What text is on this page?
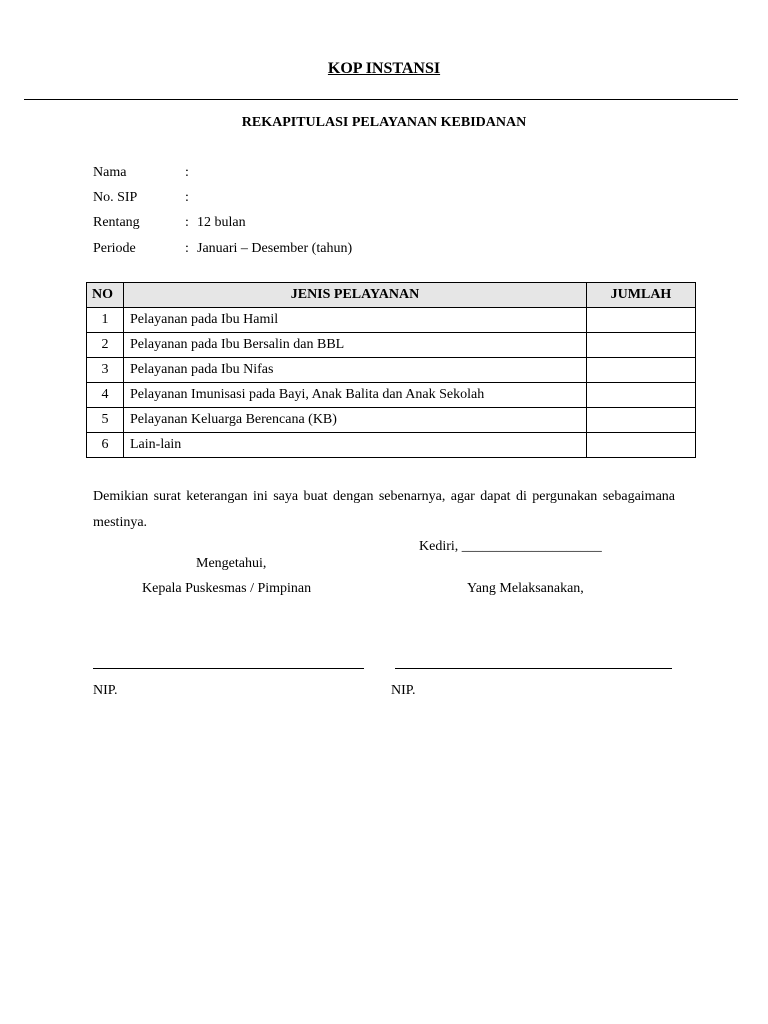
KOP INSTANSI
REKAPITULASI PELAYANAN KEBIDANAN
Nama	:
No. SIP	:
Rentang	: 12 bulan
Periode	: Januari – Desember (tahun)
NO	JENIS PELAYANAN	JUMLAH
1	Pelayanan pada Ibu Hamil	
2	Pelayanan pada Ibu Bersalin dan BBL	
3	Pelayanan pada Ibu Nifas	
4	Pelayanan Imunisasi pada Bayi, Anak Balita dan Anak Sekolah	
5	Pelayanan Keluarga Berencana (KB)	
6	Lain-lain	
Demikian surat keterangan ini saya buat dengan sebenarnya, agar dapat di pergunakan sebagaimana mestinya.
Kediri, ____________________
Mengetahui,
Kepala Puskesmas / Pimpinan	Yang Melaksanakan,
NIP.	NIP.
